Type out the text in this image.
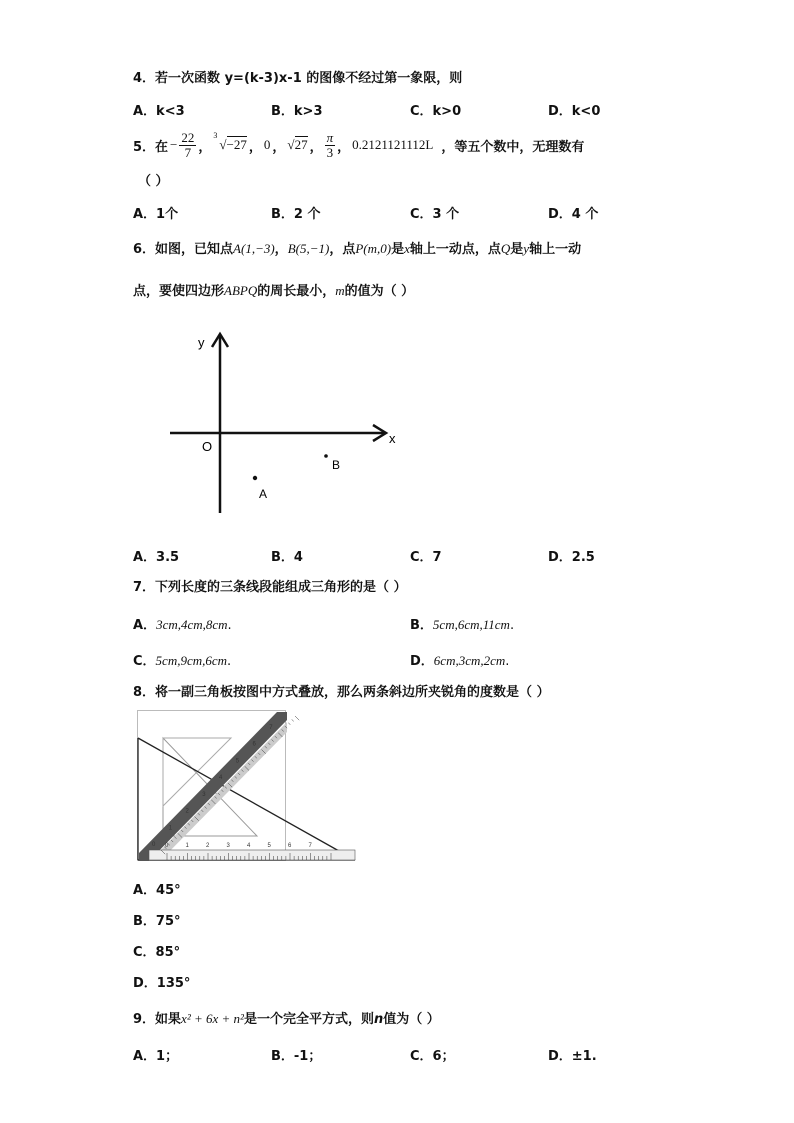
4．若一次函数 y=(k-3)x-1 的图像不经过第一象限，则
A．k<3	B．k>3	C．k>0	D．k<0
5．在 − $\frac{22}{7}$ ，
3
√−27 ， 0 ， √27 ， $\frac{\pi}{3}$ ， 0.2121121112L ，等五个数中，无理数有
（ ）
A．1个	B．2 个	C．3 个	D．4 个
6．如图，已知点A(1,−3)，B(5,−1)，点P(m,0)是x轴上一动点，点Q是y轴上一动
点，要使四边形ABPQ的周长最小，m的值为（ ）
y
x
O
A
B
A．3.5	B．4	C．7	D．2.5
7．下列长度的三条线段能组成三角形的是（ ）
A．3cm,4cm,8cm.	B．5cm,6cm,11cm.
C．5cm,9cm,6cm.	D．6cm,3cm,2cm.
8．将一副三角板按图中方式叠放，那么两条斜边所夹锐角的度数是（ ）
0	1	2	3	4	5	6	7
0
1
2
3
4
5
6
7
A．45°
B．75°
C．85°
D．135°
9．如果x² + 6x + n²是一个完全平方式，则n值为（ ）
A．1；	B．-1；	C．6；	D．±1.
